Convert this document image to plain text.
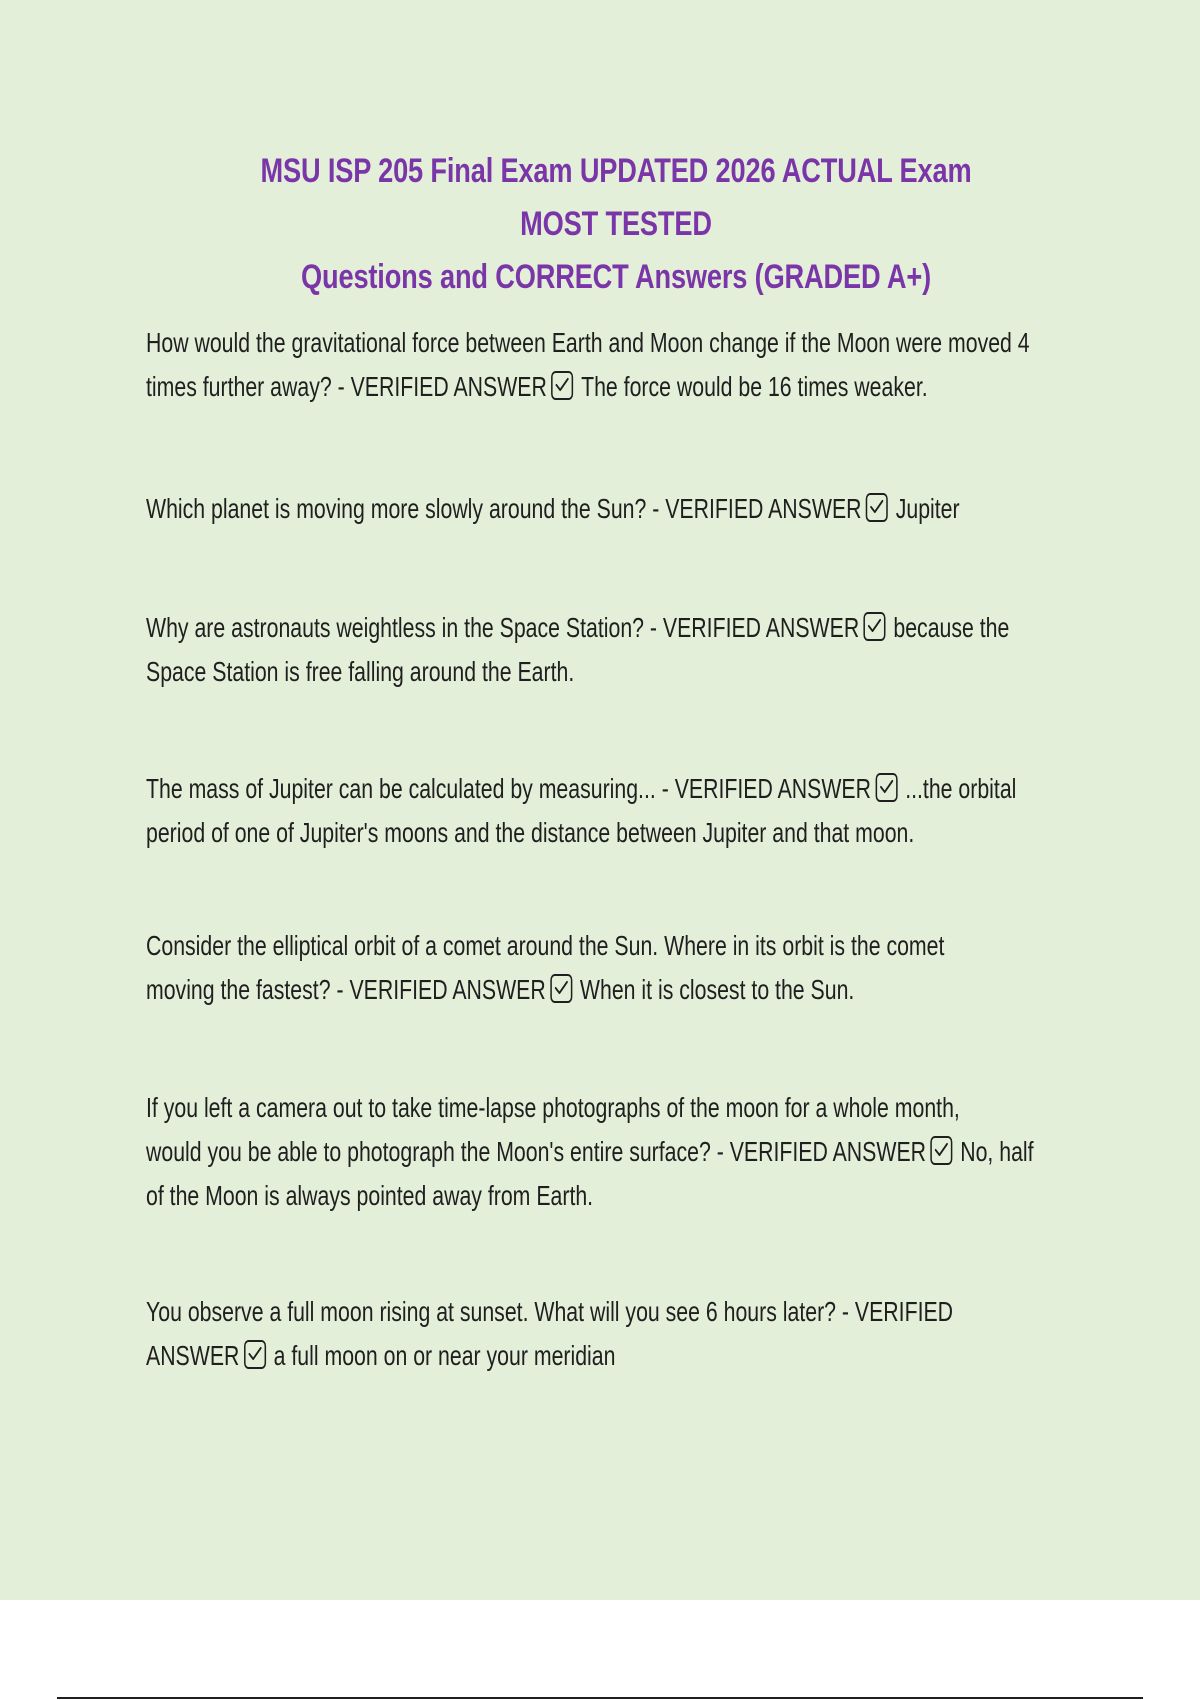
MSU ISP 205 Final Exam UPDATED 2026 ACTUAL Exam MOST TESTED
Questions and CORRECT Answers (GRADED A+)

How would the gravitational force between Earth and Moon change if the Moon were moved 4
times further away? - VERIFIED ANSWER The force would be 16 times weaker.

Which planet is moving more slowly around the Sun? - VERIFIED ANSWER Jupiter

Why are astronauts weightless in the Space Station? - VERIFIED ANSWER because the
Space Station is free falling around the Earth.

The mass of Jupiter can be calculated by measuring... - VERIFIED ANSWER ...the orbital
period of one of Jupiter's moons and the distance between Jupiter and that moon.

Consider the elliptical orbit of a comet around the Sun. Where in its orbit is the comet
moving the fastest? - VERIFIED ANSWER When it is closest to the Sun.

If you left a camera out to take time-lapse photographs of the moon for a whole month,
would you be able to photograph the Moon's entire surface? - VERIFIED ANSWER No, half
of the Moon is always pointed away from Earth.

You observe a full moon rising at sunset. What will you see 6 hours later? - VERIFIED
ANSWER a full moon on or near your meridian
